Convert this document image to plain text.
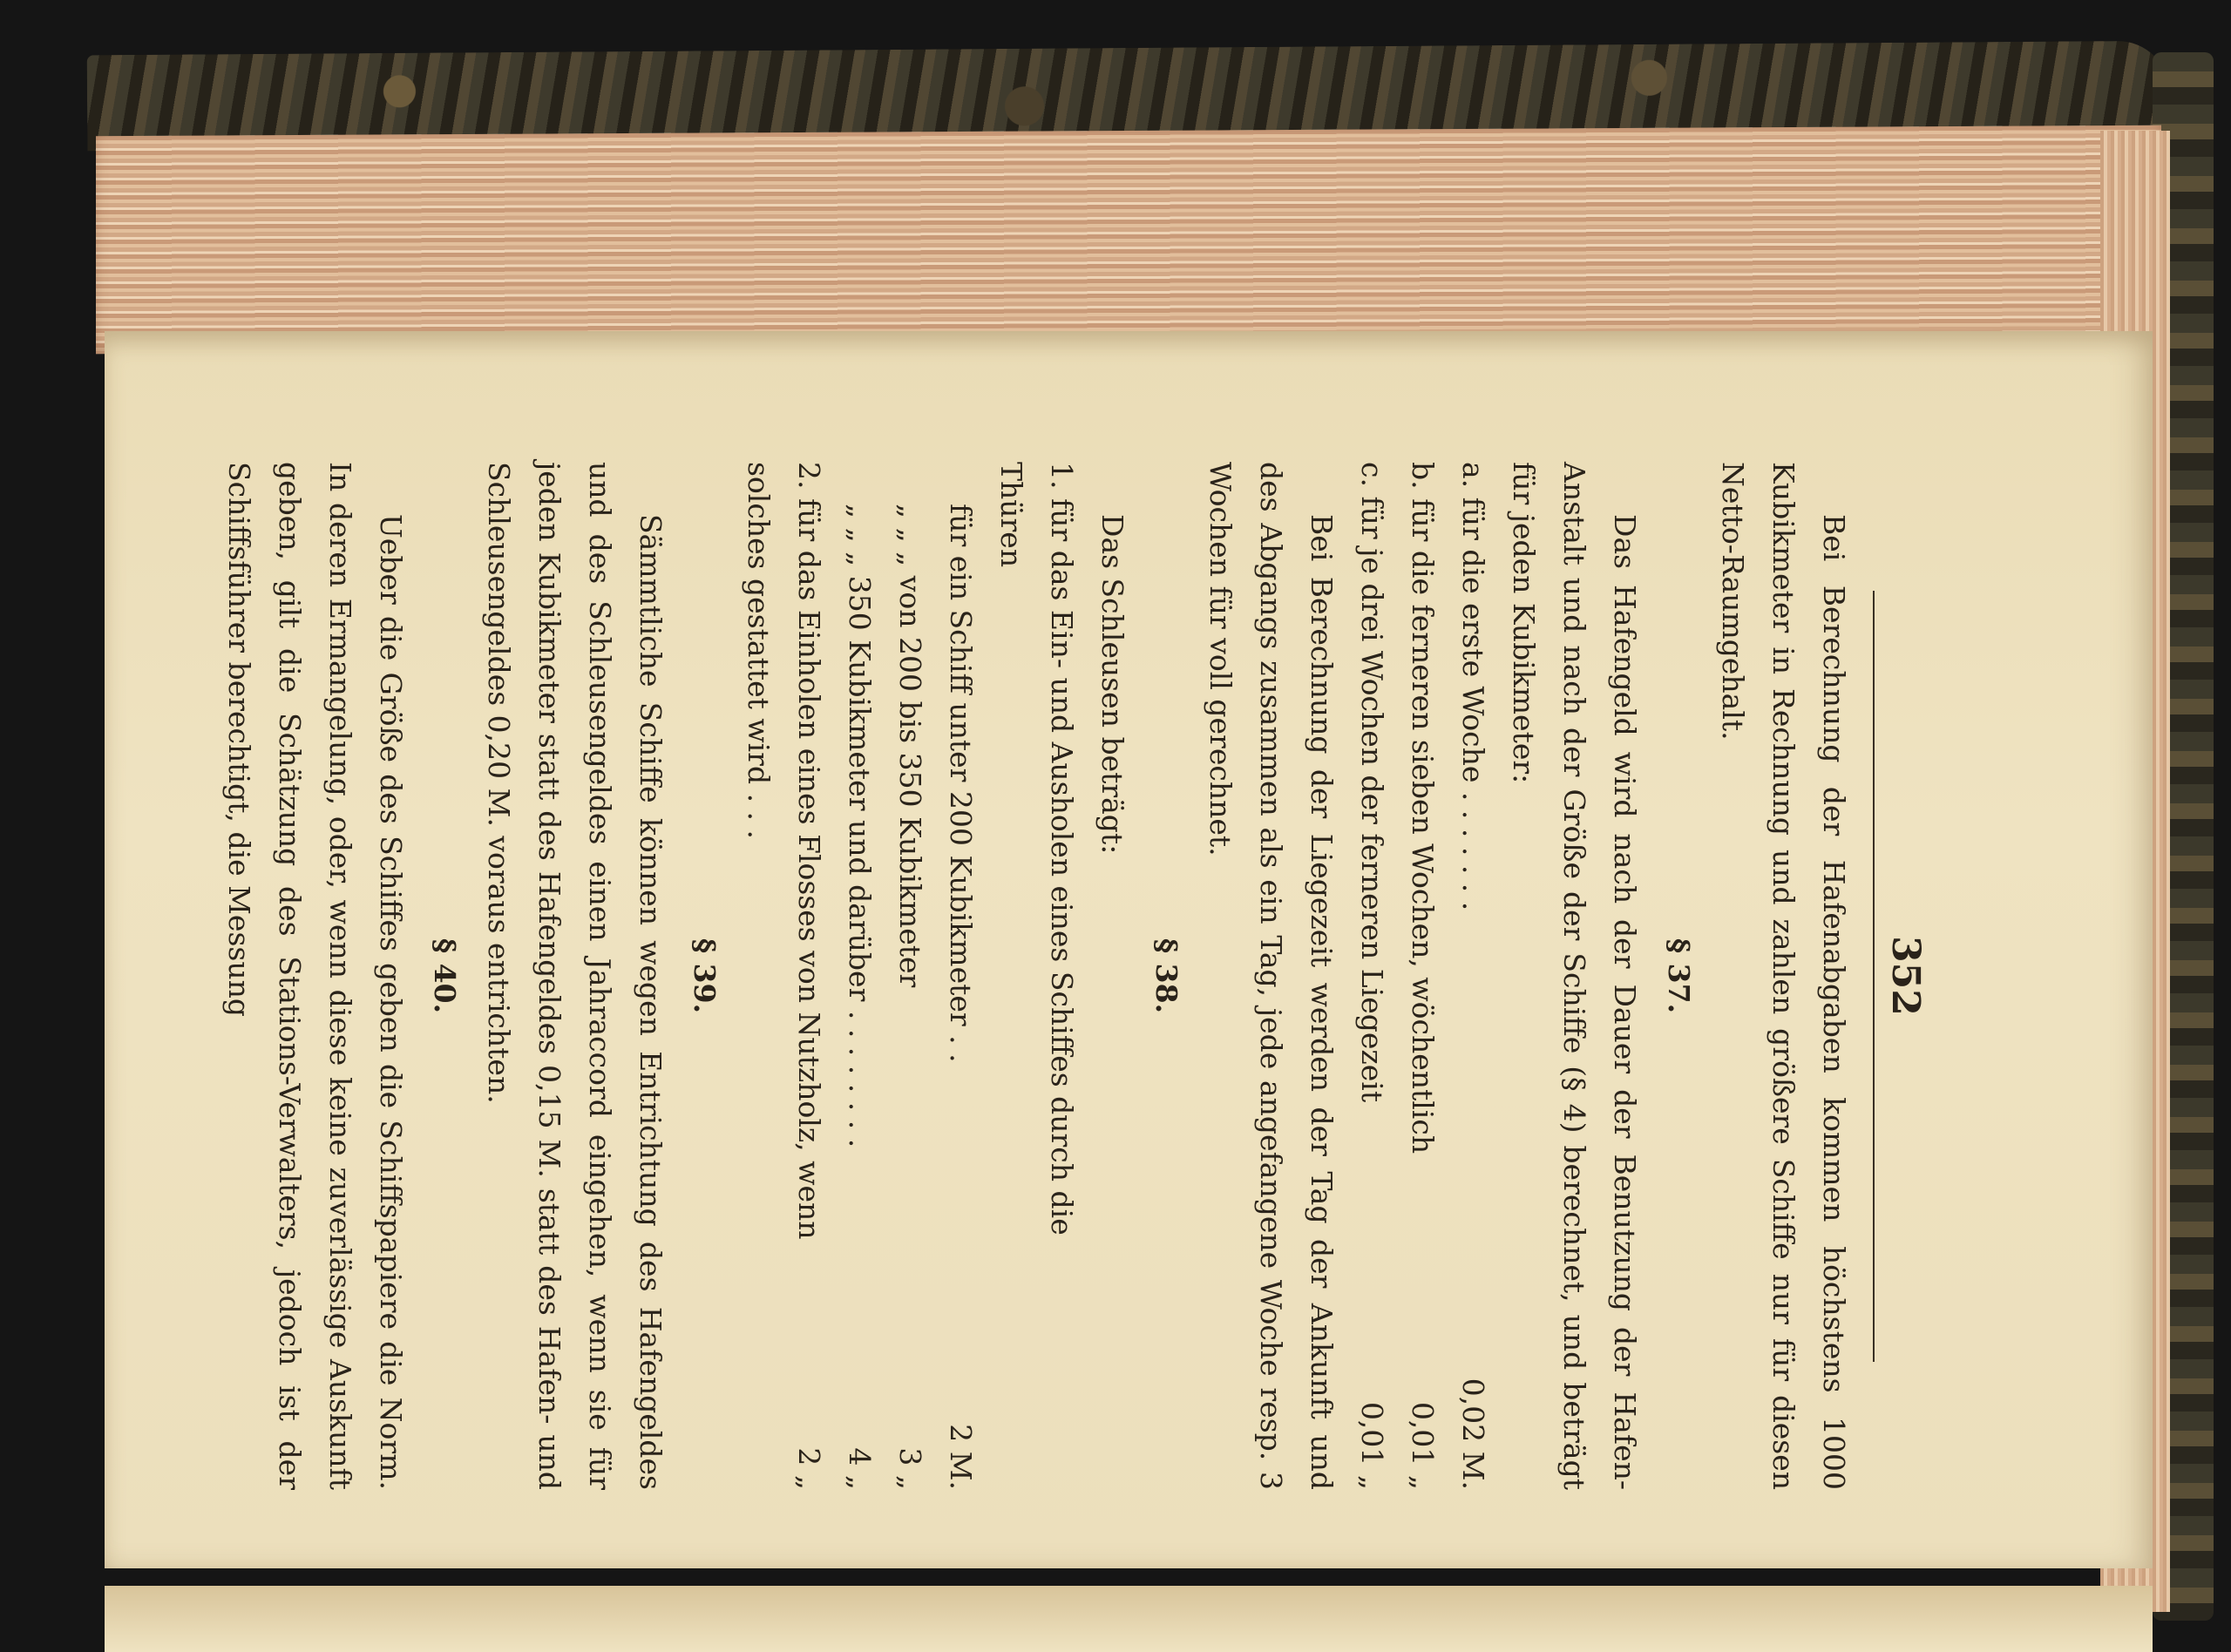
352

Bei Berechnung der Hafenabgaben kommen höchstens 1000 Kubikmeter in Rechnung und zahlen größere Schiffe nur für diesen Netto-Raumgehalt.

§ 37.

Das Hafengeld wird nach der Dauer der Benutzung der Hafen-Anstalt und nach der Größe der Schiffe (§ 4) berechnet, und beträgt für jeden Kubikmeter:

a. für die erste Woche . . . . . . .
0,02 M.
b. für die ferneren sieben Wochen, wöchentlich
0,01 „
c. für je drei Wochen der ferneren Liegezeit
0,01 „

Bei Berechnung der Liegezeit werden der Tag der Ankunft und des Abgangs zusammen als ein Tag, jede angefangene Woche resp. 3 Wochen für voll gerechnet.

§ 38.

Das Schleusen beträgt:

1. für das Ein- und Ausholen eines Schiffes durch die Thüren
für ein Schiff unter 200 Kubikmeter . .
2 M.
„ „ „ von 200 bis 350 Kubikmeter
3 „
„ „ „ 350 Kubikmeter und darüber . . . . . . . .
4 „
2. für das Einholen eines Flosses von Nutzholz, wenn solches gestattet wird . . .
2 „
§ 39.

Sämmtliche Schiffe können wegen Entrichtung des Hafengeldes und des Schleusengeldes einen Jahraccord eingehen, wenn sie für jeden Kubikmeter statt des Hafengeldes 0,15 M. statt des Hafen- und Schleusengeldes 0,20 M. voraus entrichten.

§ 40.

Ueber die Größe des Schiffes geben die Schiffspapiere die Norm. In deren Ermangelung, oder, wenn diese keine zuverlässige Auskunft geben, gilt die Schätzung des Stations-Verwalters, jedoch ist der Schiffsführer berechtigt, die Messung
